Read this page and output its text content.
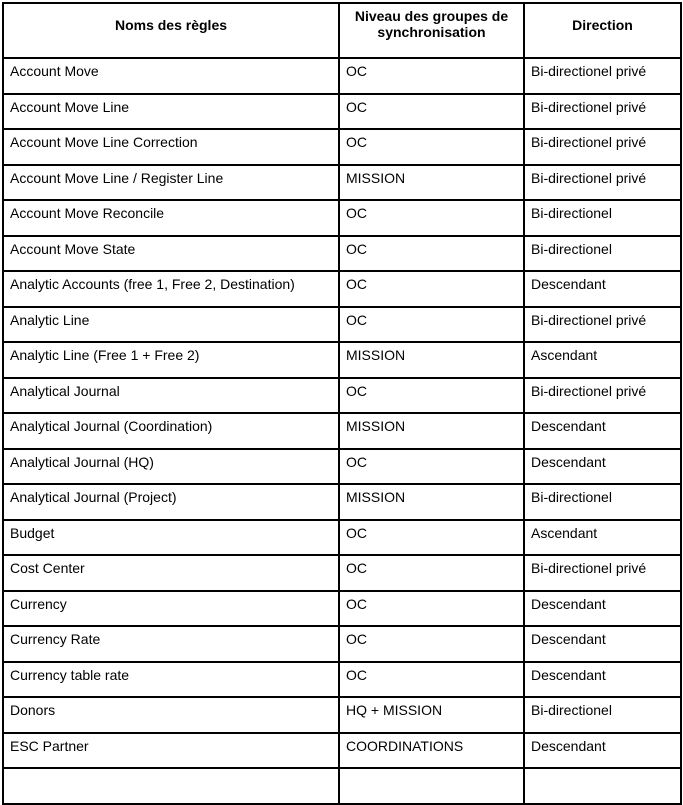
Noms des règles	Niveau des groupes de synchronisation	Direction
Account Move	OC	Bi-directionel privé
Account Move Line	OC	Bi-directionel privé
Account Move Line Correction	OC	Bi-directionel privé
Account Move Line / Register Line	MISSION	Bi-directionel privé
Account Move Reconcile	OC	Bi-directionel
Account Move State	OC	Bi-directionel
Analytic Accounts (free 1, Free 2, Destination)	OC	Descendant
Analytic Line	OC	Bi-directionel privé
Analytic Line (Free 1 + Free 2)	MISSION	Ascendant
Analytical Journal	OC	Bi-directionel privé
Analytical Journal (Coordination)	MISSION	Descendant
Analytical Journal (HQ)	OC	Descendant
Analytical Journal (Project)	MISSION	Bi-directionel
Budget	OC	Ascendant
Cost Center	OC	Bi-directionel privé
Currency	OC	Descendant
Currency Rate	OC	Descendant
Currency table rate	OC	Descendant
Donors	HQ + MISSION	Bi-directionel
ESC Partner	COORDINATIONS	Descendant
